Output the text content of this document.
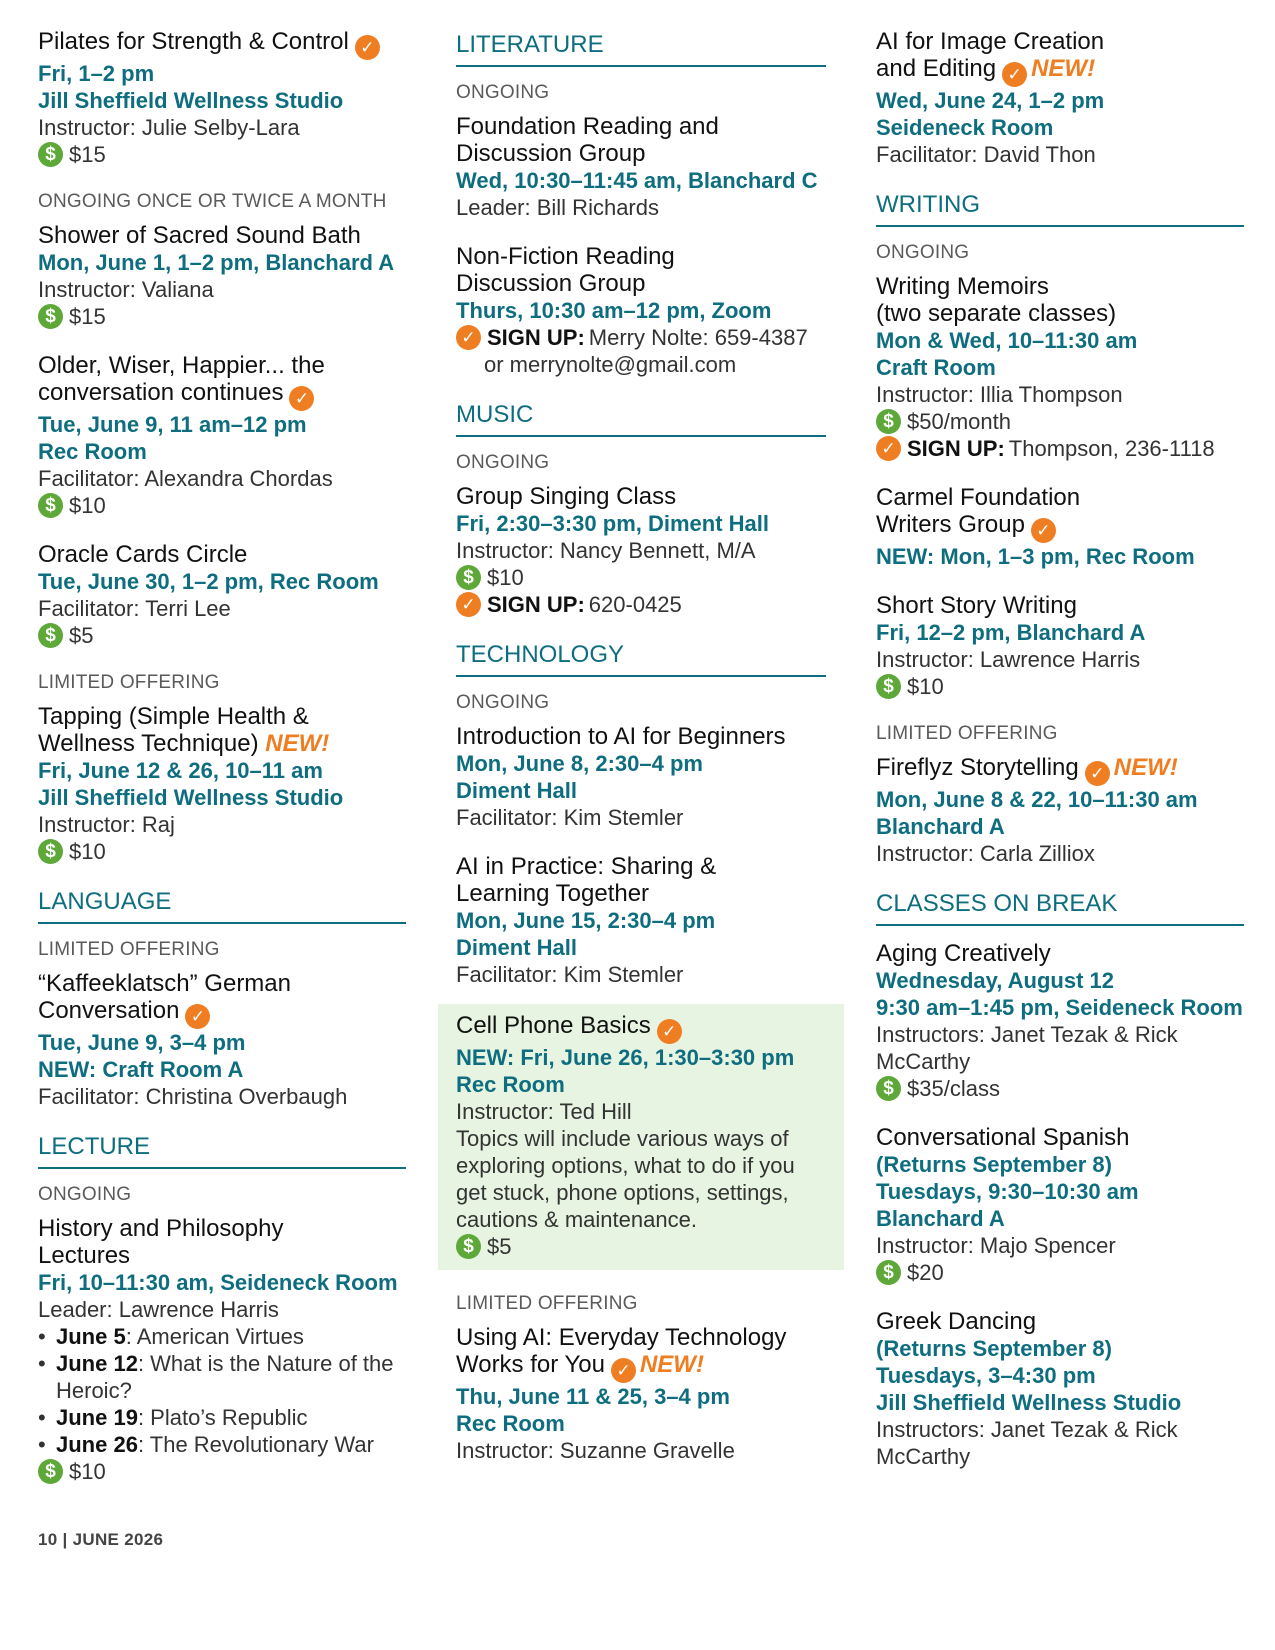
Pilates for Strength & Control ✓
Fri, 1–2 pm
Jill Sheffield Wellness Studio
Instructor: Julie Selby-Lara
$ $15
ONGOING ONCE OR TWICE A MONTH
Shower of Sacred Sound Bath
Mon, June 1, 1–2 pm, Blanchard A
Instructor: Valiana
$ $15
Older, Wiser, Happier... the
conversation continues ✓
Tue, June 9, 11 am–12 pm
Rec Room
Facilitator: Alexandra Chordas
$ $10
Oracle Cards Circle
Tue, June 30, 1–2 pm, Rec Room
Facilitator: Terri Lee
$ $5
LIMITED OFFERING
Tapping (Simple Health &
Wellness Technique) NEW!
Fri, June 12 & 26, 10–11 am
Jill Sheffield Wellness Studio
Instructor: Raj
$ $10
LANGUAGE
LIMITED OFFERING
“Kaffeeklatsch” German
Conversation ✓
Tue, June 9, 3–4 pm
NEW: Craft Room A
Facilitator: Christina Overbaugh
LECTURE
ONGOING
History and Philosophy
Lectures
Fri, 10–11:30 am, Seideneck Room
Leader: Lawrence Harris
• June 5: American Virtues
• June 12: What is the Nature of the Heroic?
• June 19: Plato’s Republic
• June 26: The Revolutionary War
$ $10
LITERATURE
ONGOING
Foundation Reading and
Discussion Group
Wed, 10:30–11:45 am, Blanchard C
Leader: Bill Richards
Non-Fiction Reading
Discussion Group
Thurs, 10:30 am–12 pm, Zoom
✓ SIGN UP: Merry Nolte: 659-4387
or merrynolte@gmail.com
MUSIC
ONGOING
Group Singing Class
Fri, 2:30–3:30 pm, Diment Hall
Instructor: Nancy Bennett, M/A
$ $10
✓ SIGN UP: 620-0425
TECHNOLOGY
ONGOING
Introduction to AI for Beginners
Mon, June 8, 2:30–4 pm
Diment Hall
Facilitator: Kim Stemler
AI in Practice: Sharing &
Learning Together
Mon, June 15, 2:30–4 pm
Diment Hall
Facilitator: Kim Stemler
Cell Phone Basics ✓
NEW: Fri, June 26, 1:30–3:30 pm
Rec Room
Instructor: Ted Hill
Topics will include various ways of exploring options, what to do if you get stuck, phone options, settings, cautions & maintenance.
$ $5
LIMITED OFFERING
Using AI: Everyday Technology
Works for You ✓ NEW!
Thu, June 11 & 25, 3–4 pm
Rec Room
Instructor: Suzanne Gravelle
AI for Image Creation
and Editing ✓ NEW!
Wed, June 24, 1–2 pm
Seideneck Room
Facilitator: David Thon
WRITING
ONGOING
Writing Memoirs
(two separate classes)
Mon & Wed, 10–11:30 am
Craft Room
Instructor: Illia Thompson
$ $50/month
✓ SIGN UP: Thompson, 236-1118
Carmel Foundation
Writers Group ✓
NEW: Mon, 1–3 pm, Rec Room
Short Story Writing
Fri, 12–2 pm, Blanchard A
Instructor: Lawrence Harris
$ $10
LIMITED OFFERING
Fireflyz Storytelling ✓ NEW!
Mon, June 8 & 22, 10–11:30 am
Blanchard A
Instructor: Carla Zilliox
CLASSES ON BREAK
Aging Creatively
Wednesday, August 12
9:30 am–1:45 pm, Seideneck Room
Instructors: Janet Tezak & Rick McCarthy
$ $35/class
Conversational Spanish
(Returns September 8)
Tuesdays, 9:30–10:30 am
Blanchard A
Instructor: Majo Spencer
$ $20
Greek Dancing
(Returns September 8)
Tuesdays, 3–4:30 pm
Jill Sheffield Wellness Studio
Instructors: Janet Tezak & Rick McCarthy
10 | JUNE 2026
